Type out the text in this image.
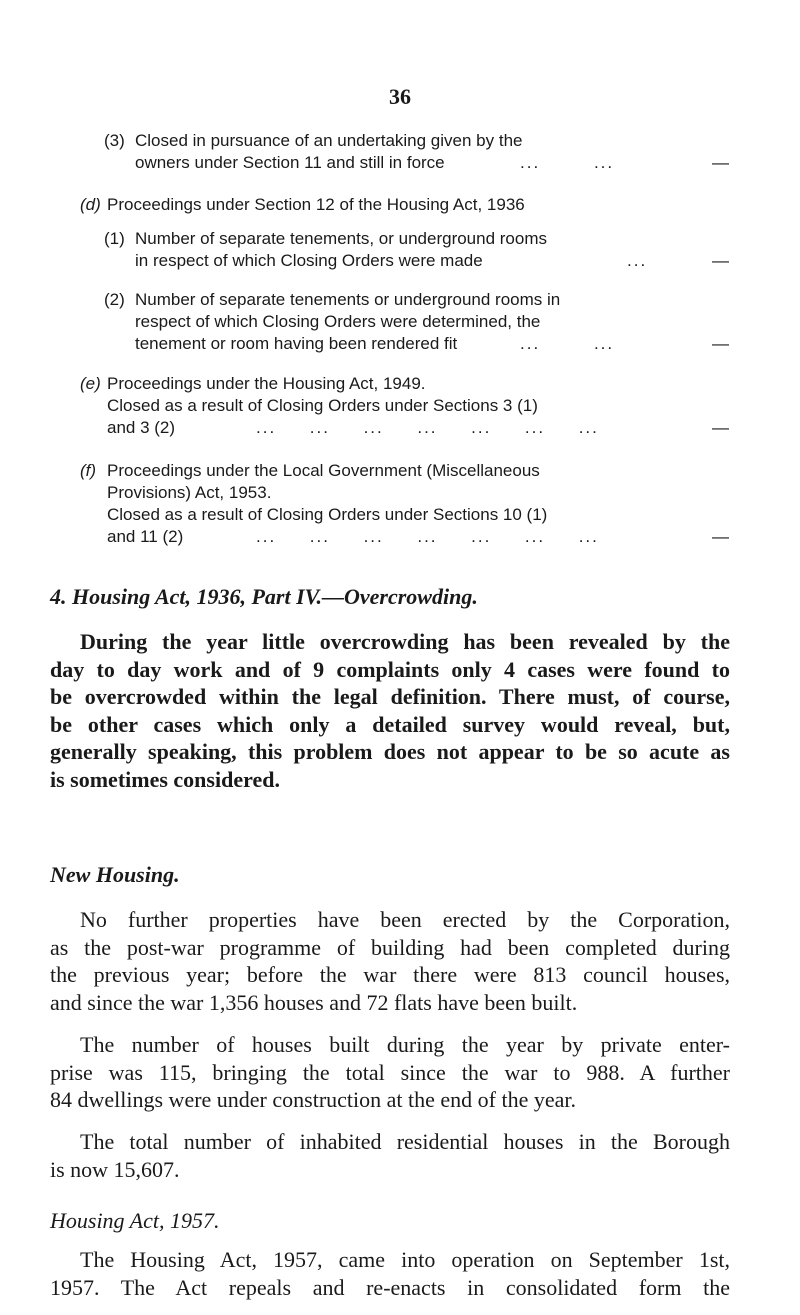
36
(3) Closed in pursuance of an undertaking given by the
owners under Section 11 and still in force	...        ...	—
(d) Proceedings under Section 12 of the Housing Act, 1936
(1) Number of separate tenements, or underground rooms
in respect of which Closing Orders were made	...	—
(2) Number of separate tenements or underground rooms in
respect of which Closing Orders were determined, the
tenement or room having been rendered fit	...        ...	—
(e) Proceedings under the Housing Act, 1949.
Closed as a result of Closing Orders under Sections 3 (1)
and 3 (2)	...     ...     ...     ...     ...     ...     ...	—
(f) Proceedings under the Local Government (Miscellaneous
Provisions) Act, 1953.
Closed as a result of Closing Orders under Sections 10 (1)
and 11 (2)	...     ...     ...     ...     ...     ...     ...	—
4. Housing Act, 1936, Part IV.—Overcrowding.
During the year little overcrowding has been revealed by the
day to day work and of 9 complaints only 4 cases were found to
be overcrowded within the legal definition. There must, of course,
be other cases which only a detailed survey would reveal, but,
generally speaking, this problem does not appear to be so acute as
is sometimes considered.
New Housing.
No further properties have been erected by the Corporation,
as the post-war programme of building had been completed during
the previous year; before the war there were 813 council houses,
and since the war 1,356 houses and 72 flats have been built.
The number of houses built during the year by private enter-
prise was 115, bringing the total since the war to 988. A further
84 dwellings were under construction at the end of the year.
The total number of inhabited residential houses in the Borough
is now 15,607.
Housing Act, 1957.
The Housing Act, 1957, came into operation on September 1st,
1957. The Act repeals and re-enacts in consolidated form the
